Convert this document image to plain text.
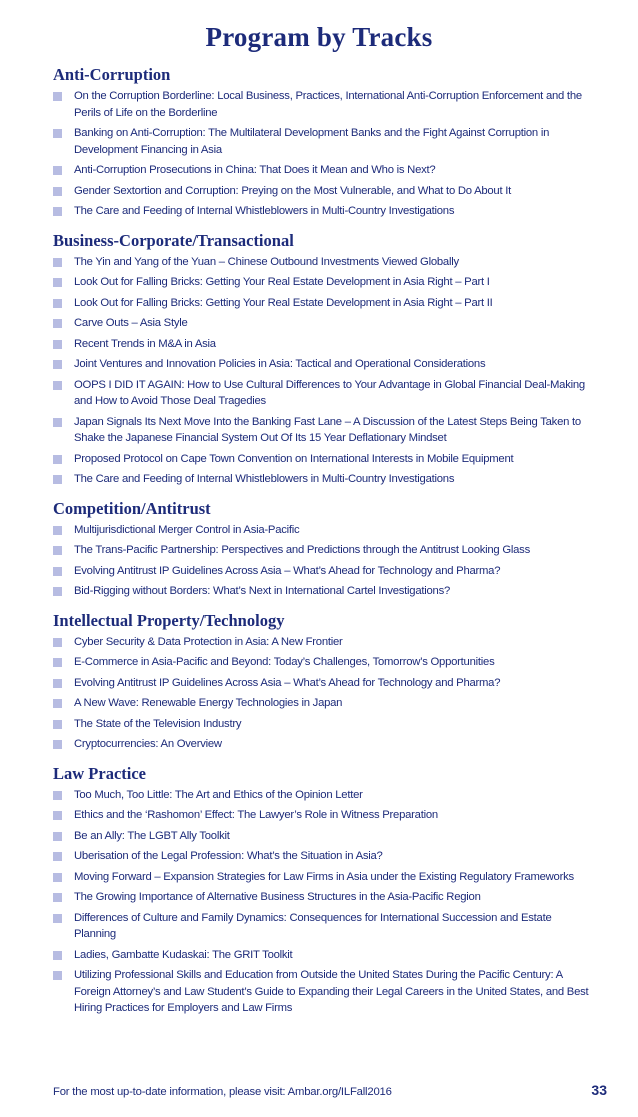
Program by Tracks
Anti-Corruption
On the Corruption Borderline: Local Business, Practices, International Anti-Corruption Enforcement and the Perils of Life on the Borderline
Banking on Anti-Corruption: The Multilateral Development Banks and the Fight Against Corruption in Development Financing in Asia
Anti-Corruption Prosecutions in China: That Does it Mean and Who is Next?
Gender Sextortion and Corruption: Preying on the Most Vulnerable, and What to Do About It
The Care and Feeding of Internal Whistleblowers in Multi-Country Investigations
Business-Corporate/Transactional
The Yin and Yang of the Yuan – Chinese Outbound Investments Viewed Globally
Look Out for Falling Bricks: Getting Your Real Estate Development in Asia Right – Part I
Look Out for Falling Bricks: Getting Your Real Estate Development in Asia Right – Part II
Carve Outs – Asia Style
Recent Trends in M&A in Asia
Joint Ventures and Innovation Policies in Asia: Tactical and Operational Considerations
OOPS I DID IT AGAIN: How to Use Cultural Differences to Your Advantage in Global Financial Deal-Making and How to Avoid Those Deal Tragedies
Japan Signals Its Next Move Into the Banking Fast Lane – A Discussion of the Latest Steps Being Taken to Shake the Japanese Financial System Out Of Its 15 Year Deflationary Mindset
Proposed Protocol on Cape Town Convention on International Interests in Mobile Equipment
The Care and Feeding of Internal Whistleblowers in Multi-Country Investigations
Competition/Antitrust
Multijurisdictional Merger Control in Asia-Pacific
The Trans-Pacific Partnership: Perspectives and Predictions through the Antitrust Looking Glass
Evolving Antitrust IP Guidelines Across Asia – What’s Ahead for Technology and Pharma?
Bid-Rigging without Borders: What’s Next in International Cartel Investigations?
Intellectual Property/Technology
Cyber Security & Data Protection in Asia: A New Frontier
E-Commerce in Asia-Pacific and Beyond: Today’s Challenges, Tomorrow’s Opportunities
Evolving Antitrust IP Guidelines Across Asia – What’s Ahead for Technology and Pharma?
A New Wave: Renewable Energy Technologies in Japan
The State of the Television Industry
Cryptocurrencies: An Overview
Law Practice
Too Much, Too Little: The Art and Ethics of the Opinion Letter
Ethics and the ‘Rashomon’ Effect: The Lawyer’s Role in Witness Preparation
Be an Ally: The LGBT Ally Toolkit
Uberisation of the Legal Profession: What’s the Situation in Asia?
Moving Forward – Expansion Strategies for Law Firms in Asia under the Existing Regulatory Frameworks
The Growing Importance of Alternative Business Structures in the Asia-Pacific Region
Differences of Culture and Family Dynamics: Consequences for International Succession and Estate Planning
Ladies, Gambatte Kudaskai: The GRIT Toolkit
Utilizing Professional Skills and Education from Outside the United States During the Pacific Century: A Foreign Attorney’s and Law Student’s Guide to Expanding their Legal Careers in the United States, and Best Hiring Practices for Employers and Law Firms
For the most up-to-date information, please visit: Ambar.org/ILFall2016	33
